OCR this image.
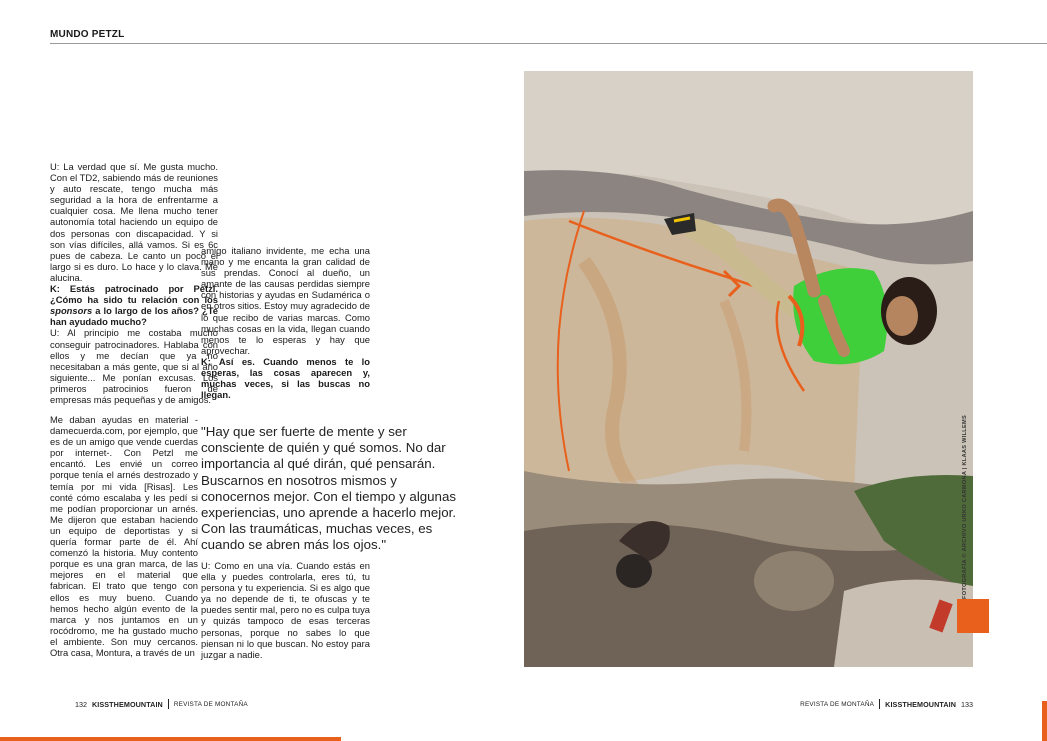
MUNDO PETZL

U: La verdad que sí. Me gusta mucho. Con el TD2, sabiendo más de reuniones y auto rescate, tengo mucha más seguridad a la hora de enfrentarme a cualquier cosa. Me llena mucho tener autonomía total haciendo un equipo de dos personas con discapacidad. Y si son vías difíciles, allá vamos. Si es 6c pues de cabeza. Le canto un poco el largo si es duro. Lo hace y lo clava. Me alucina.

K: Estás patrocinado por Petzl. ¿Cómo ha sido tu relación con los sponsors a lo largo de los años? ¿Te han ayudado mucho?

U: Al principio me costaba mucho conseguir patrocinadores. Hablaba con ellos y me decían que ya no necesitaban a más gente, que si al año siguiente... Me ponían excusas. Los primeros patrocinios fueron de empresas más pequeñas y de amigos.

Me daban ayudas en material -damecuerda.com, por ejemplo, que es de un amigo que vende cuerdas por internet-. Con Petzl me encantó. Les envié un correo porque tenía el arnés destrozado y temía por mi vida [Risas]. Les conté cómo escalaba y les pedí si me podían proporcionar un arnés. Me dijeron que estaban haciendo un equipo de deportistas y si quería formar parte de él. Ahí comenzó la historia. Muy contento porque es una gran marca, de las mejores en el material que fabrican. El trato que tengo con ellos es muy bueno. Cuando hemos hecho algún evento de la marca y nos juntamos en un rocódromo, me ha gustado mucho el ambiente. Son muy cercanos. Otra casa, Montura, a través de un

amigo italiano invidente, me echa una mano y me encanta la gran calidad de sus prendas. Conocí al dueño, un amante de las causas perdidas siempre con historias y ayudas en Sudamérica o en otros sitios. Estoy muy agradecido de lo que recibo de varias marcas. Como muchas cosas en la vida, llegan cuando menos te lo esperas y hay que aprovechar.

K: Así es. Cuando menos te lo esperas, las cosas aparecen y, muchas veces, si las buscas no llegan.

"Hay que ser fuerte de mente y ser consciente de quién y qué somos. No dar importancia al qué dirán, qué pensarán. Buscarnos en nosotros mismos y conocernos mejor. Con el tiempo y algunas experiencias, uno aprende a hacerlo mejor. Con las traumáticas, muchas veces, es cuando se abren más los ojos."

U: Como en una vía. Cuando estás en ella y puedes controlarla, eres tú, tu persona y tu experiencia. Si es algo que ya no depende de ti, te ofuscas y te puedes sentir mal, pero no es culpa tuya y quizás tampoco de esas terceras personas, porque no sabes lo que piensan ni lo que buscan. No estoy para juzgar a nadie.

FOTOGRAFÍA © ARCHIVO URKO CARMONA | KLAAS WILLEMS
132 KISSTHEMOUNTAIN REVISTA DE MONTAÑA	REVISTA DE MONTAÑA KISSTHEMOUNTAIN 133
